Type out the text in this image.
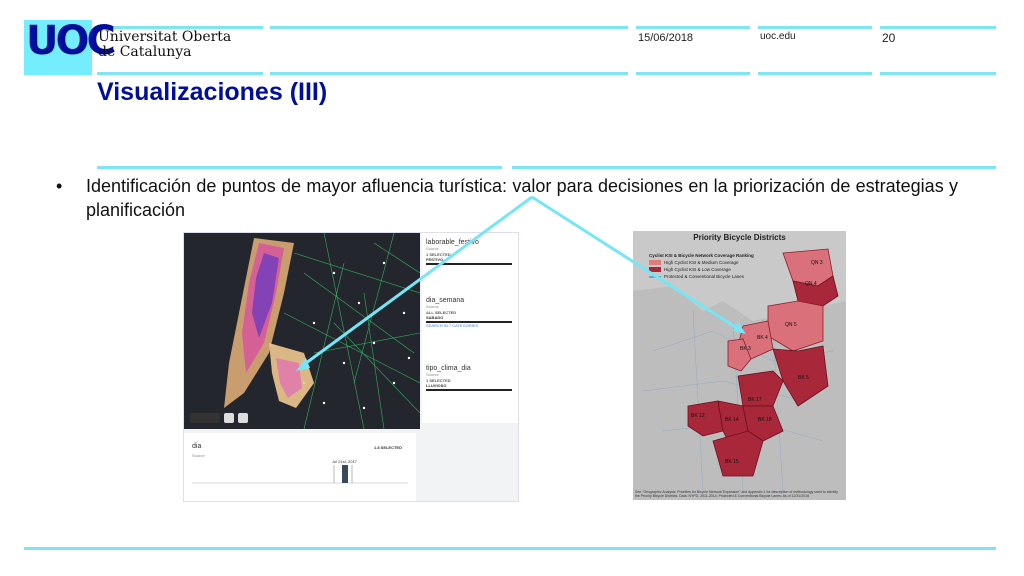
UOC
Universitat Oberta
de Catalunya
15/06/2018	uoc.edu	20
Visualizaciones (III)
• Identificación de puntos de mayor afluencia turística: valor para decisiones en la priorización de estrategias y planificación
laborable_festivo
Source
1 SELECTED
FESTIVO
dia_semana
Source
ALL SELECTED
SABADO
SEARCH IN 7 CATEGORIES
tipo_clima_dia
Source
1 SELECTED
LLUVIOSO
dia
Source
1.8 SELECTED
Jul 21st, 2017
QN 3
QN 4
QN 5
BK 4
BK 3
BK 5
BK 17
BK 12
BK 14	BK 18
BK 15
Priority Bicycle Districts
Cyclist KSI & Bicycle Network Coverage Ranking
High Cyclist KSI & Medium Coverage
High Cyclist KSI & Low Coverage
Protected & Conventional Bicycle Lanes
See "Geographic Analysis: Priorities for Bicycle Network Expansion" and Appendix 1 for description of methodology used to identify the Priority Bicycle Districts. Data: NYPD, 2011-2014; Protected & Conventional Bicycle Lanes: As of 12/31/2016
